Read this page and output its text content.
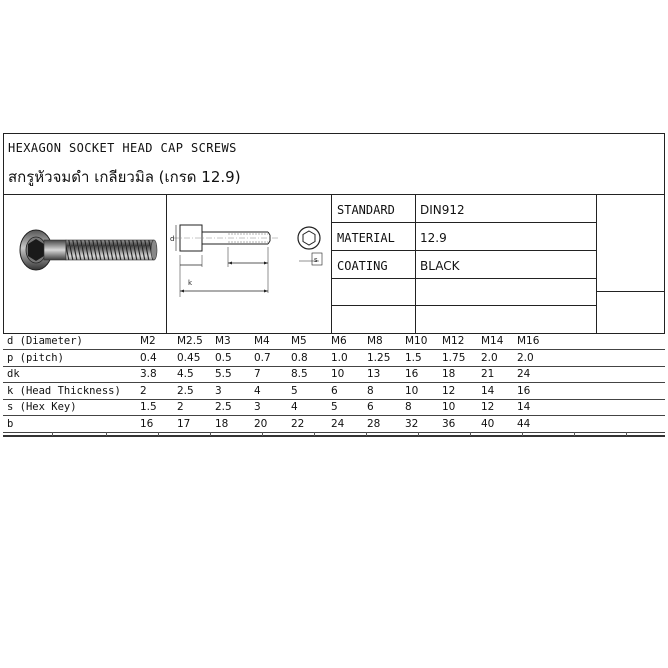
HEXAGON SOCKET HEAD CAP SCREWS
สกรูหัวจมดำ เกลียวมิล (เกรด 12.9)
STANDARD DIN912
MATERIAL 12.9
COATING	BLACK
d
k
s
d (Diameter)	M2 M2.5 M3 M4 M5 M6 M8 M10 M12 M14 M16
p (pitch)	0.4 0.45 0.5 0.7 0.8 1.0 1.25 1.5 1.75 2.0 2.0
dk	3.8 4.5 5.5 7	8.5 10 13 16 18 21 24
k (Head Thickness) 2	2.5 3	4	5	6	8	10 12 14 16
s (Hex Key)	1.5 2	2.5 3	4	5	6	8	10 12 14
b	16 17 18 20 22	24 28 32 36 40 44
